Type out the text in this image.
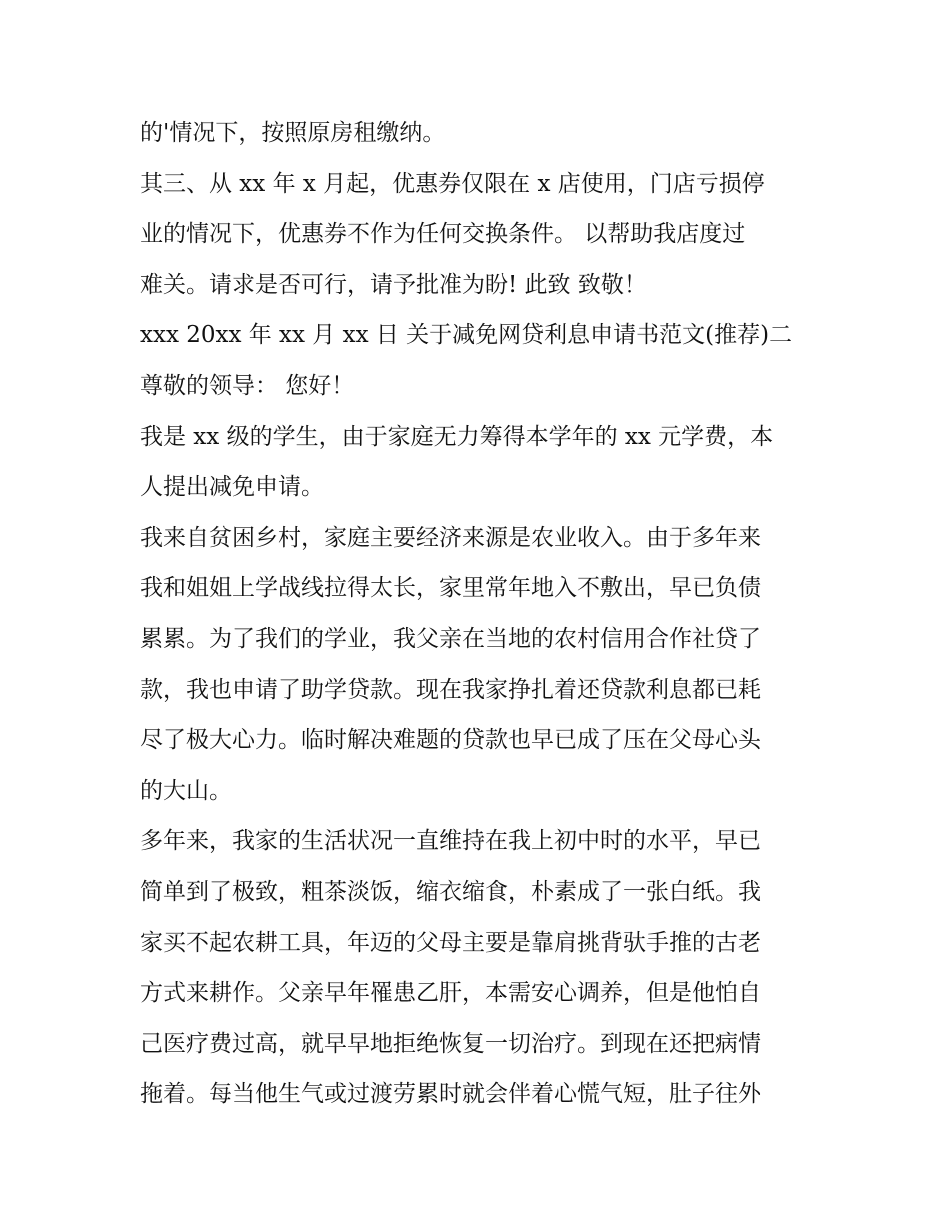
的'情况下，按照原房租缴纳。
其三、从 xx 年 x 月起，优惠券仅限在 x 店使用，门店亏损停
业的情况下，优惠券不作为任何交换条件。 以帮助我店度过
难关。请求是否可行，请予批准为盼! 此致 致敬！
xxx 20xx 年 xx 月 xx 日 关于减免网贷利息申请书范文(推荐)二
尊敬的领导： 您好！
我是 xx 级的学生，由于家庭无力筹得本学年的 xx 元学费，本
人提出减免申请。
我来自贫困乡村，家庭主要经济来源是农业收入。由于多年来
我和姐姐上学战线拉得太长，家里常年地入不敷出，早已负债
累累。为了我们的学业，我父亲在当地的农村信用合作社贷了
款，我也申请了助学贷款。现在我家挣扎着还贷款利息都已耗
尽了极大心力。临时解决难题的贷款也早已成了压在父母心头
的大山。
多年来，我家的生活状况一直维持在我上初中时的水平，早已
简单到了极致，粗茶淡饭，缩衣缩食，朴素成了一张白纸。我
家买不起农耕工具，年迈的父母主要是靠肩挑背驮手推的古老
方式来耕作。父亲早年罹患乙肝，本需安心调养，但是他怕自
己医疗费过高，就早早地拒绝恢复一切治疗。到现在还把病情
拖着。每当他生气或过渡劳累时就会伴着心慌气短，肚子往外
